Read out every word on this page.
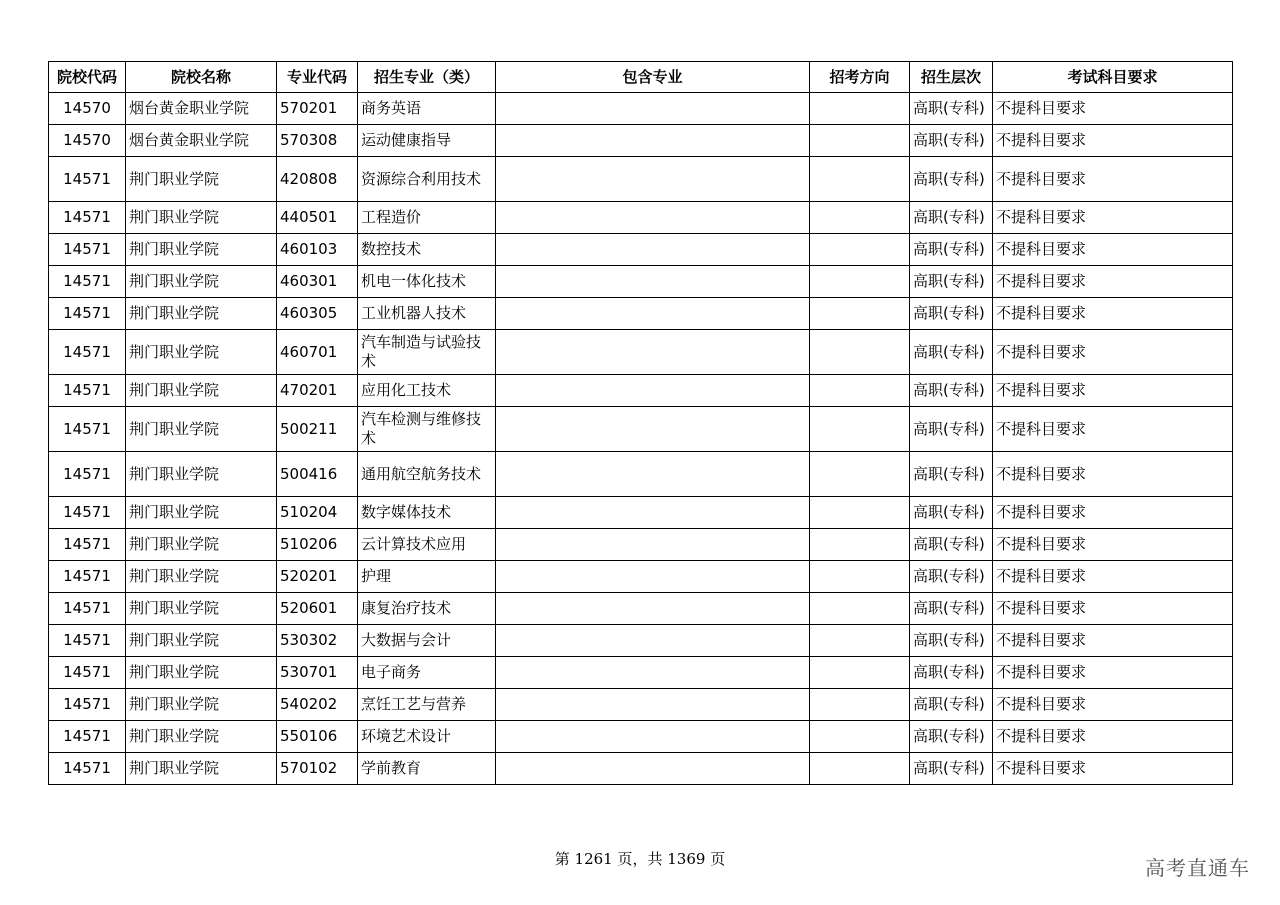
院校代码	院校名称	专业代码	招生专业（类）	包含专业	招考方向	招生层次	考试科目要求
14570	烟台黄金职业学院	570201	商务英语			高职(专科)	不提科目要求
14570	烟台黄金职业学院	570308	运动健康指导			高职(专科)	不提科目要求
14571	荆门职业学院	420808	资源综合利用技术			高职(专科)	不提科目要求
14571	荆门职业学院	440501	工程造价			高职(专科)	不提科目要求
14571	荆门职业学院	460103	数控技术			高职(专科)	不提科目要求
14571	荆门职业学院	460301	机电一体化技术			高职(专科)	不提科目要求
14571	荆门职业学院	460305	工业机器人技术			高职(专科)	不提科目要求
14571	荆门职业学院	460701	汽车制造与试验技术			高职(专科)	不提科目要求
14571	荆门职业学院	470201	应用化工技术			高职(专科)	不提科目要求
14571	荆门职业学院	500211	汽车检测与维修技术			高职(专科)	不提科目要求
14571	荆门职业学院	500416	通用航空航务技术			高职(专科)	不提科目要求
14571	荆门职业学院	510204	数字媒体技术			高职(专科)	不提科目要求
14571	荆门职业学院	510206	云计算技术应用			高职(专科)	不提科目要求
14571	荆门职业学院	520201	护理			高职(专科)	不提科目要求
14571	荆门职业学院	520601	康复治疗技术			高职(专科)	不提科目要求
14571	荆门职业学院	530302	大数据与会计			高职(专科)	不提科目要求
14571	荆门职业学院	530701	电子商务			高职(专科)	不提科目要求
14571	荆门职业学院	540202	烹饪工艺与营养			高职(专科)	不提科目要求
14571	荆门职业学院	550106	环境艺术设计			高职(专科)	不提科目要求
14571	荆门职业学院	570102	学前教育			高职(专科)	不提科目要求
第 1261 页，共 1369 页	高考直通车
